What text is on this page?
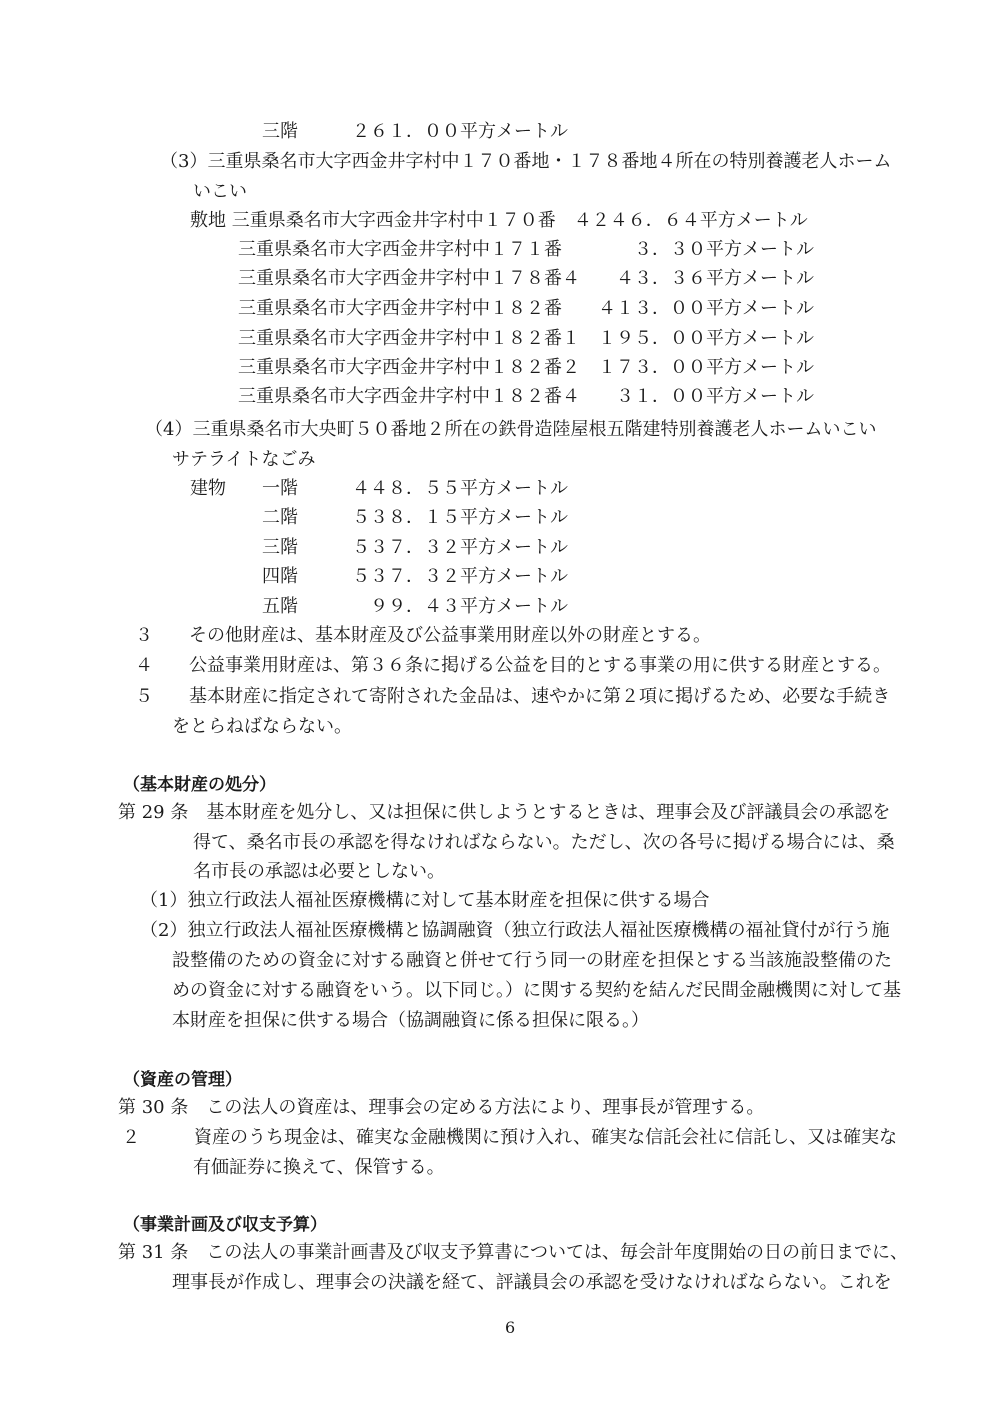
三階　　　２６１．００平方メートル
（3）三重県桑名市大字西金井字村中１７０番地・１７８番地４所在の特別養護老人ホーム
いこい
敷地 三重県桑名市大字西金井字村中１７０番　４２４６．６４平方メートル
三重県桑名市大字西金井字村中１７１番　　　　３．３０平方メートル
三重県桑名市大字西金井字村中１７８番４　　４３．３６平方メートル
三重県桑名市大字西金井字村中１８２番　　４１３．００平方メートル
三重県桑名市大字西金井字村中１８２番１　１９５．００平方メートル
三重県桑名市大字西金井字村中１８２番２　１７３．００平方メートル
三重県桑名市大字西金井字村中１８２番４　　３１．００平方メートル
（4）三重県桑名市大央町５０番地２所在の鉄骨造陸屋根五階建特別養護老人ホームいこい
サテライトなごみ
建物　　一階　　　４４８．５５平方メートル
二階　　　５３８．１５平方メートル
三階　　　５３７．３２平方メートル
四階　　　５３７．３２平方メートル
五階　　　　９９．４３平方メートル
３　　その他財産は、基本財産及び公益事業用財産以外の財産とする。
４　　公益事業用財産は、第３６条に掲げる公益を目的とする事業の用に供する財産とする。
５　　基本財産に指定されて寄附された金品は、速やかに第２項に掲げるため、必要な手続き
をとらねばならない。
（基本財産の処分）
第 29 条　基本財産を処分し、又は担保に供しようとするときは、理事会及び評議員会の承認を
得て、桑名市長の承認を得なければならない。ただし、次の各号に掲げる場合には、桑
名市長の承認は必要としない。
（1）独立行政法人福祉医療機構に対して基本財産を担保に供する場合
（2）独立行政法人福祉医療機構と協調融資（独立行政法人福祉医療機構の福祉貸付が行う施
設整備のための資金に対する融資と併せて行う同一の財産を担保とする当該施設整備のた
めの資金に対する融資をいう。以下同じ。）に関する契約を結んだ民間金融機関に対して基
本財産を担保に供する場合（協調融資に係る担保に限る。）
（資産の管理）
第 30 条　この法人の資産は、理事会の定める方法により、理事長が管理する。
２　　　資産のうち現金は、確実な金融機関に預け入れ、確実な信託会社に信託し、又は確実な
有価証券に換えて、保管する。
（事業計画及び収支予算）
第 31 条　この法人の事業計画書及び収支予算書については、毎会計年度開始の日の前日までに、
理事長が作成し、理事会の決議を経て、評議員会の承認を受けなければならない。これを
6
